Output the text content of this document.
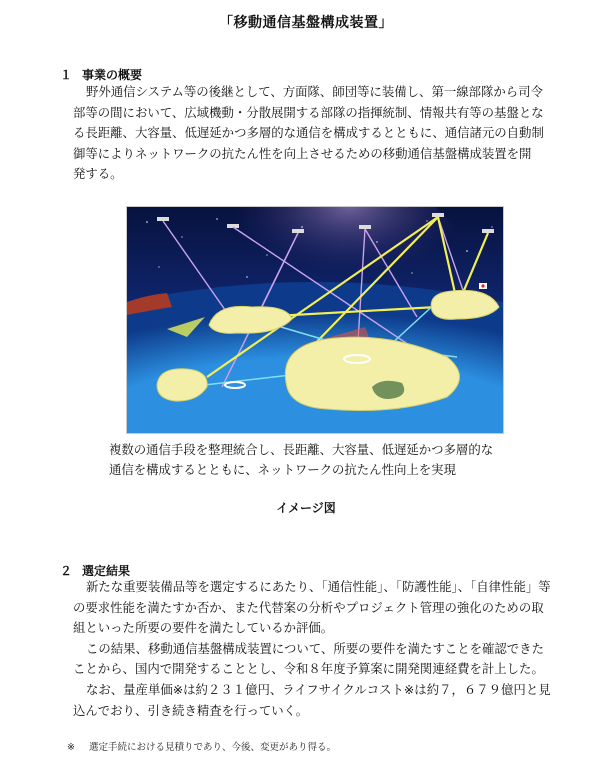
「移動通信基盤構成装置」
１ 事業の概要
野外通信システム等の後継として、方面隊、師団等に装備し、第一線部隊から司令
部等の間において、広域機動・分散展開する部隊の指揮統制、情報共有等の基盤とな
る長距離、大容量、低遅延かつ多層的な通信を構成するとともに、通信諸元の自動制
御等によりネットワークの抗たん性を向上させるための移動通信基盤構成装置を開
発する。
複数の通信手段を整理統合し、長距離、大容量、低遅延かつ多層的な
通信を構成するとともに、ネットワークの抗たん性向上を実現
イメージ図
２ 選定結果
新たな重要装備品等を選定するにあたり、「通信性能」、「防護性能」、「自律性能」等
の要求性能を満たすか否か、また代替案の分析やプロジェクト管理の強化のための取
組といった所要の要件を満たしているか評価。
この結果、移動通信基盤構成装置について、所要の要件を満たすことを確認できた
ことから、国内で開発することとし、令和８年度予算案に開発関連経費を計上した。
なお、量産単価※は約２３１億円、ライフサイクルコスト※は約７，６７９億円と見
込んでおり、引き続き精査を行っていく。
※ 選定手続における見積りであり、今後、変更があり得る。
